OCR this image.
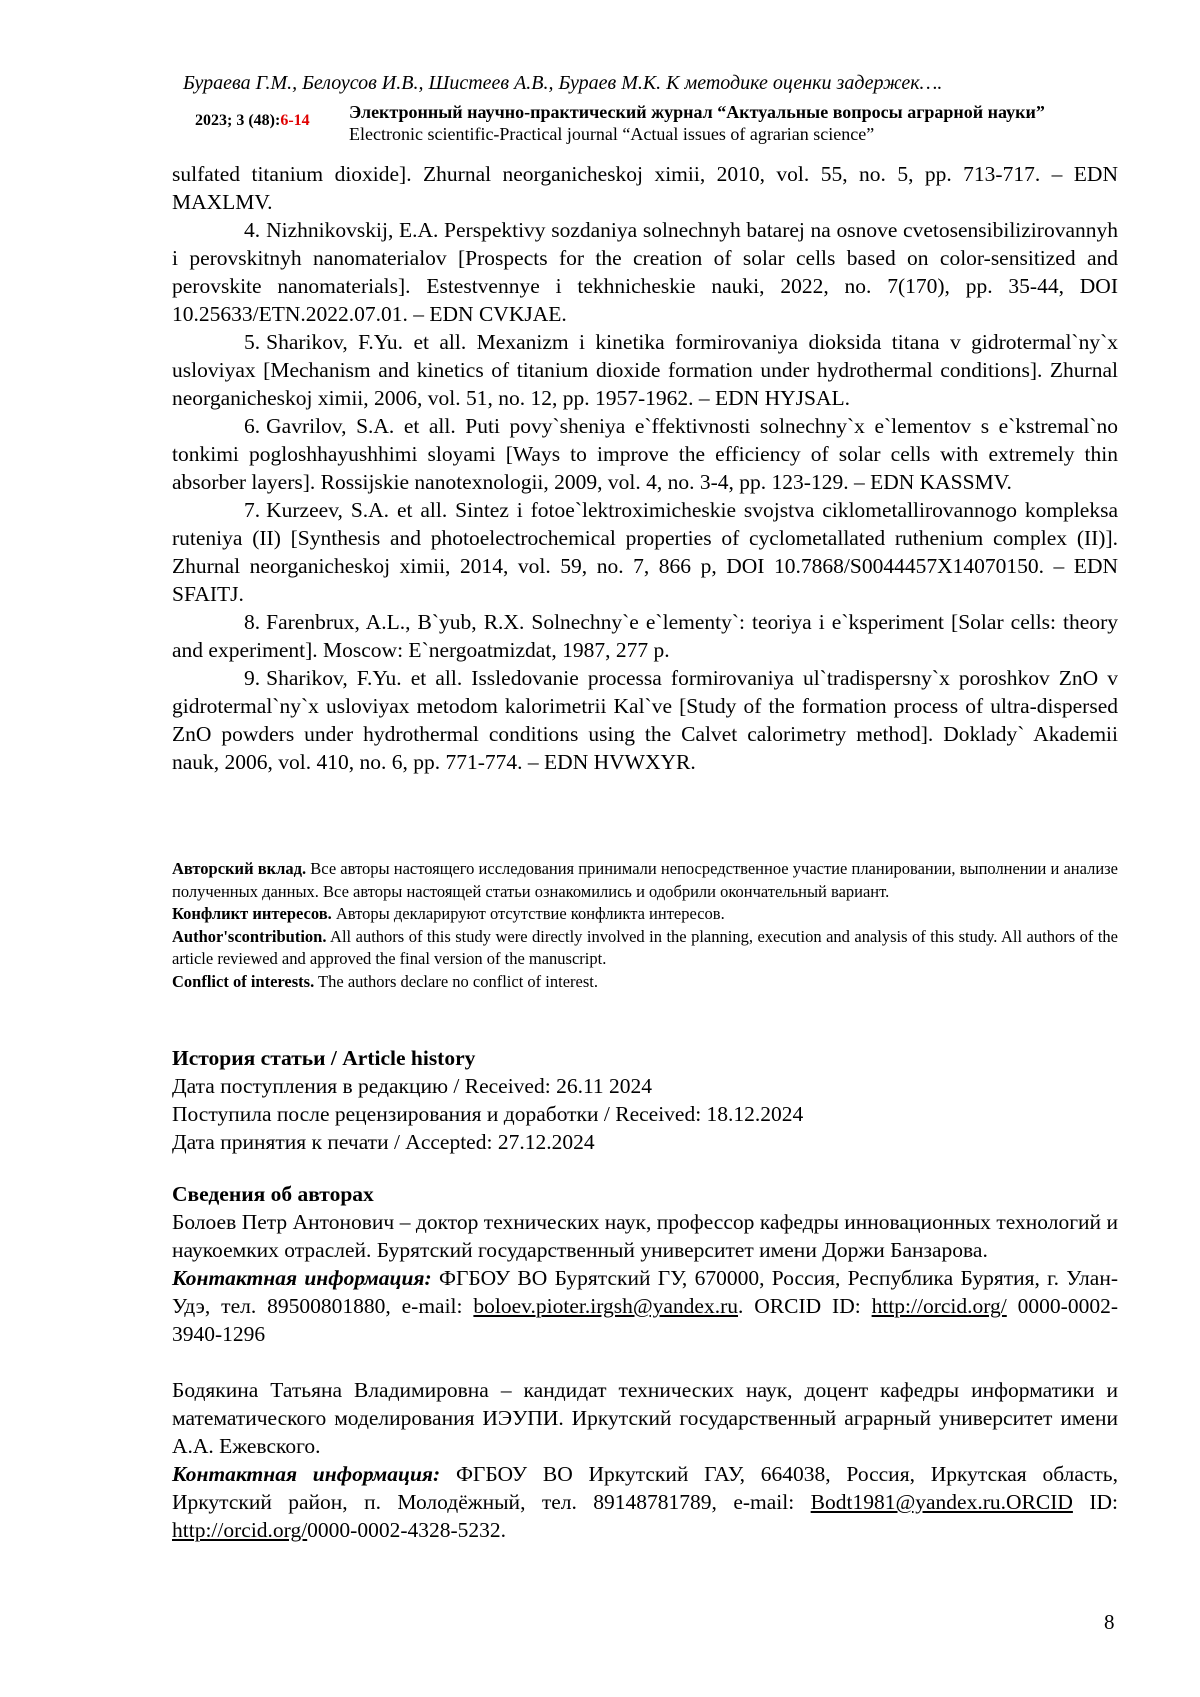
Бураева Г.М., Белоусов И.В., Шистеев А.В., Бураев М.К. К методике оценки задержек….
2023; 3 (48):6-14 Электронный научно-практический журнал “Актуальные вопросы аграрной науки”
Electronic scientific-Practical journal “Actual issues of agrarian science”

sulfated titanium dioxide]. Zhurnal neorganicheskoj ximii, 2010, vol. 55, no. 5, pp. 713-717. – EDN MAXLMV.

4. Nizhnikovskij, E.A. Perspektivy sozdaniya solnechnyh batarej na osnove cvetosensibilizirovannyh i perovskitnyh nanomaterialov [Prospects for the creation of solar cells based on color-sensitized and perovskite nanomaterials]. Estestvennye i tekhnicheskie nauki, 2022, no. 7(170), pp. 35-44, DOI 10.25633/ETN.2022.07.01. – EDN CVKJAE.

5. Sharikov, F.Yu. et all. Mexanizm i kinetika formirovaniya dioksida titana v gidrotermal`ny`x usloviyax [Mechanism and kinetics of titanium dioxide formation under hydrothermal conditions]. Zhurnal neorganicheskoj ximii, 2006, vol. 51, no. 12, pp. 1957-1962. – EDN HYJSAL.

6. Gavrilov, S.A. et all. Puti povy`sheniya e`ffektivnosti solnechny`x e`lementov s e`kstremal`no tonkimi pogloshhayushhimi sloyami [Ways to improve the efficiency of solar cells with extremely thin absorber layers]. Rossijskie nanotexnologii, 2009, vol. 4, no. 3-4, pp. 123-129. – EDN KASSMV.

7. Kurzeev, S.A. et all. Sintez i fotoe`lektroximicheskie svojstva ciklometallirovannogo kompleksa ruteniya (II) [Synthesis and photoelectrochemical properties of cyclometallated ruthenium complex (II)]. Zhurnal neorganicheskoj ximii, 2014, vol. 59, no. 7, 866 p, DOI 10.7868/S0044457X14070150. – EDN SFAITJ.

8. Farenbrux, A.L., B`yub, R.X. Solnechny`e e`lementy`: teoriya i e`ksperiment [Solar cells: theory and experiment]. Moscow: E`nergoatmizdat, 1987, 277 p.

9. Sharikov, F.Yu. et all. Issledovanie processa formirovaniya ul`tradispersny`x poroshkov ZnO v gidrotermal`ny`x usloviyax metodom kalorimetrii Kal`ve [Study of the formation process of ultra-dispersed ZnO powders under hydrothermal conditions using the Calvet calorimetry method]. Doklady` Akademii nauk, 2006, vol. 410, no. 6, pp. 771-774. – EDN HVWXYR.

Авторский вклад. Все авторы настоящего исследования принимали непосредственное участие планировании, выполнении и анализе полученных данных. Все авторы настоящей статьи ознакомились и одобрили окончательный вариант.

Конфликт интересов. Авторы декларируют отсутствие конфликта интересов.

Author'scontribution. All authors of this study were directly involved in the planning, execution and analysis of this study. All authors of the article reviewed and approved the final version of the manuscript.

Conflict of interests. The authors declare no conflict of interest.

История статьи / Article history

Дата поступления в редакцию / Received: 26.11 2024

Поступила после рецензирования и доработки / Received: 18.12.2024

Дата принятия к печати / Accepted: 27.12.2024

Сведения об авторах

Болоев Петр Антонович – доктор технических наук, профессор кафедры инновационных технологий и наукоемких отраслей. Бурятский государственный университет имени Доржи Банзарова.

Контактная информация: ФГБОУ ВО Бурятский ГУ, 670000, Россия, Республика Бурятия, г. Улан-Удэ, тел. 89500801880, e-mail: boloev.pioter.irgsh@yandex.ru. ORCID ID: http://orcid.org/ 0000-0002-3940-1296

Бодякина Татьяна Владимировна – кандидат технических наук, доцент кафедры информатики и математического моделирования ИЭУПИ. Иркутский государственный аграрный университет имени А.А. Ежевского.

Контактная информация: ФГБОУ ВО Иркутский ГАУ, 664038, Россия, Иркутская область, Иркутский район, п. Молодёжный, тел. 89148781789, e-mail: Bodt1981@yandex.ru.ORCID ID: http://orcid.org/0000-0002-4328-5232.

8
